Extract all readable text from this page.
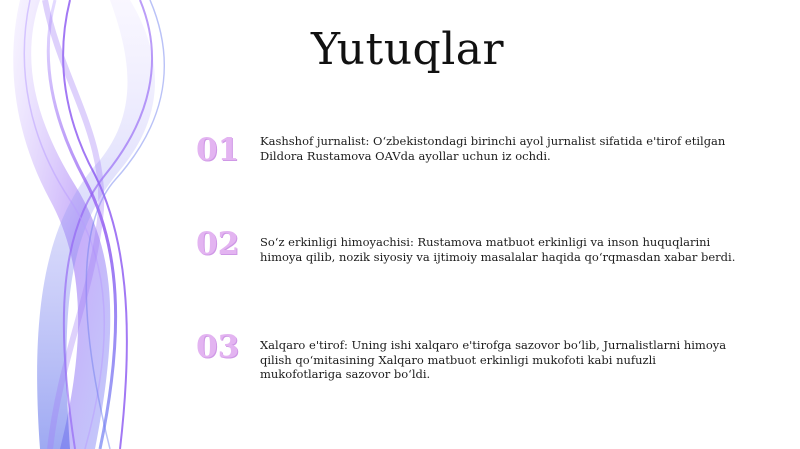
Yutuqlar
01	Kashshof jurnalist: O‘zbekistondagi birinchi ayol jurnalist sifatida e'tirof etilgan Dildora Rustamova OAVda ayollar uchun iz ochdi.
02	So‘z erkinligi himoyachisi: Rustamova matbuot erkinligi va inson huquqlarini himoya qilib, nozik siyosiy va ijtimoiy masalalar haqida qo‘rqmasdan xabar berdi.
03	Xalqaro e'tirof: Uning ishi xalqaro e'tirofga sazovor bo‘lib, Jurnalistlarni himoya qilish qo‘mitasining Xalqaro matbuot erkinligi mukofoti kabi nufuzli mukofotlariga sazovor bo‘ldi.
